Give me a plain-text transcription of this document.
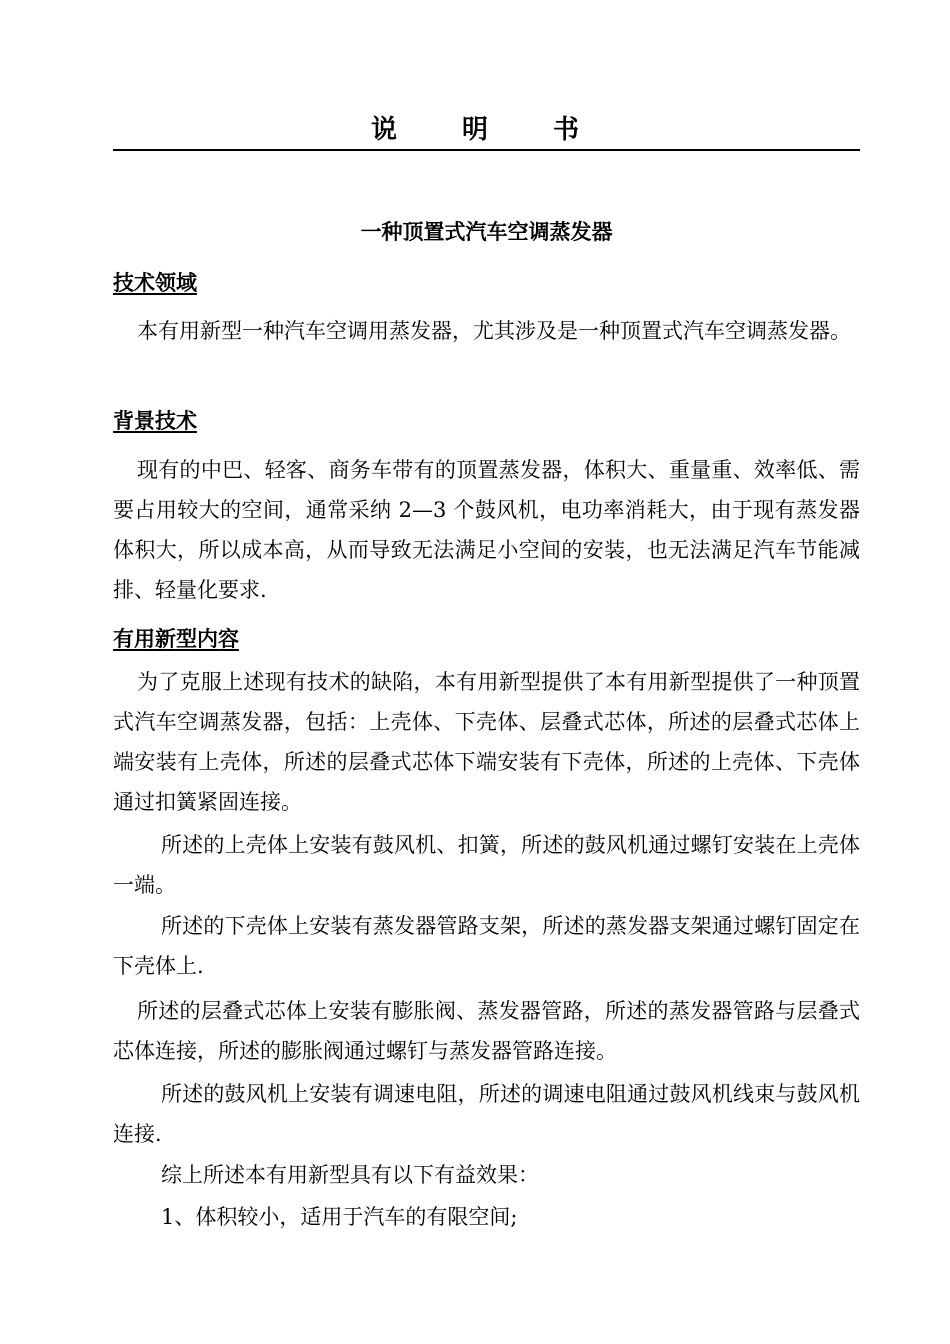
说 明 书
一种顶置式汽车空调蒸发器
技术领域

本有用新型一种汽车空调用蒸发器，尤其涉及是一种顶置式汽车空调蒸发器。

背景技术

现有的中巴、轻客、商务车带有的顶置蒸发器，体积大、重量重、效率低、需要占用较大的空间，通常采纳 2—3 个鼓风机，电功率消耗大，由于现有蒸发器体积大，所以成本高，从而导致无法满足小空间的安装，也无法满足汽车节能减排、轻量化要求.

有用新型内容

为了克服上述现有技术的缺陷，本有用新型提供了本有用新型提供了一种顶置式汽车空调蒸发器，包括：上壳体、下壳体、层叠式芯体，所述的层叠式芯体上端安装有上壳体，所述的层叠式芯体下端安装有下壳体，所述的上壳体、下壳体通过扣簧紧固连接。

所述的上壳体上安装有鼓风机、扣簧，所述的鼓风机通过螺钉安装在上壳体一端。

所述的下壳体上安装有蒸发器管路支架，所述的蒸发器支架通过螺钉固定在下壳体上.

所述的层叠式芯体上安装有膨胀阀、蒸发器管路，所述的蒸发器管路与层叠式芯体连接，所述的膨胀阀通过螺钉与蒸发器管路连接。

所述的鼓风机上安装有调速电阻，所述的调速电阻通过鼓风机线束与鼓风机连接.

综上所述本有用新型具有以下有益效果：

1、体积较小，适用于汽车的有限空间;
